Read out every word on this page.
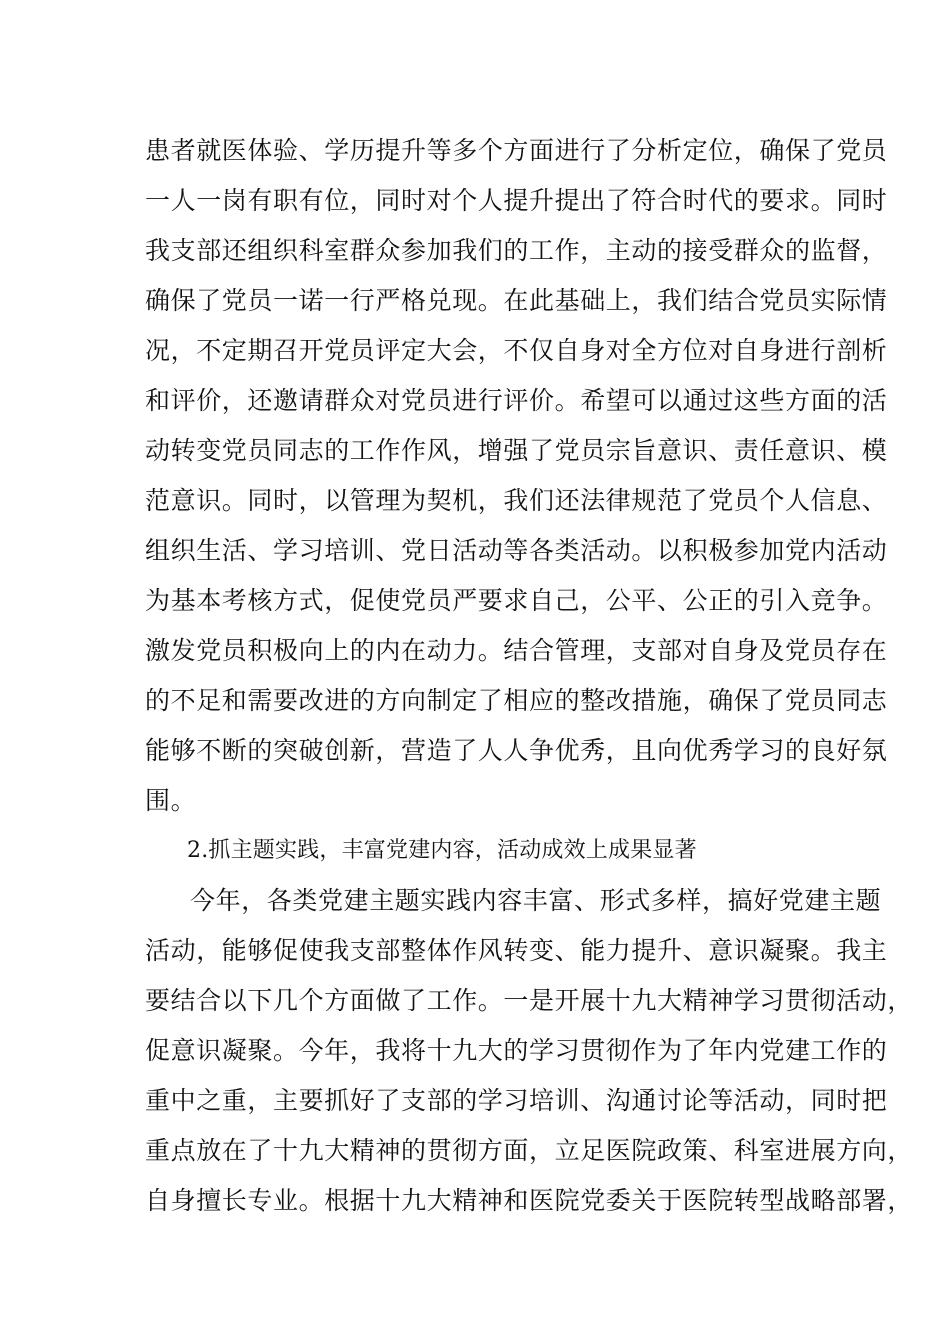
患者就医体验、学历提升等多个方面进行了分析定位，确保了党员
一人一岗有职有位，同时对个人提升提出了符合时代的要求。同时
我支部还组织科室群众参加我们的工作，主动的接受群众的监督，
确保了党员一诺一行严格兑现。在此基础上，我们结合党员实际情
况，不定期召开党员评定大会，不仅自身对全方位对自身进行剖析
和评价，还邀请群众对党员进行评价。希望可以通过这些方面的活
动转变党员同志的工作作风，增强了党员宗旨意识、责任意识、模
范意识。同时，以管理为契机，我们还法律规范了党员个人信息、
组织生活、学习培训、党日活动等各类活动。以积极参加党内活动
为基本考核方式，促使党员严要求自己，公平、公正的引入竞争。
激发党员积极向上的内在动力。结合管理，支部对自身及党员存在
的不足和需要改进的方向制定了相应的整改措施，确保了党员同志
能够不断的突破创新，营造了人人争优秀，且向优秀学习的良好氛
围。
2.抓主题实践，丰富党建内容，活动成效上成果显著
今年，各类党建主题实践内容丰富、形式多样，搞好党建主题
活动，能够促使我支部整体作风转变、能力提升、意识凝聚。我主
要结合以下几个方面做了工作。一是开展十九大精神学习贯彻活动，
促意识凝聚。今年，我将十九大的学习贯彻作为了年内党建工作的
重中之重，主要抓好了支部的学习培训、沟通讨论等活动，同时把
重点放在了十九大精神的贯彻方面，立足医院政策、科室进展方向，
自身擅长专业。根据十九大精神和医院党委关于医院转型战略部署，
